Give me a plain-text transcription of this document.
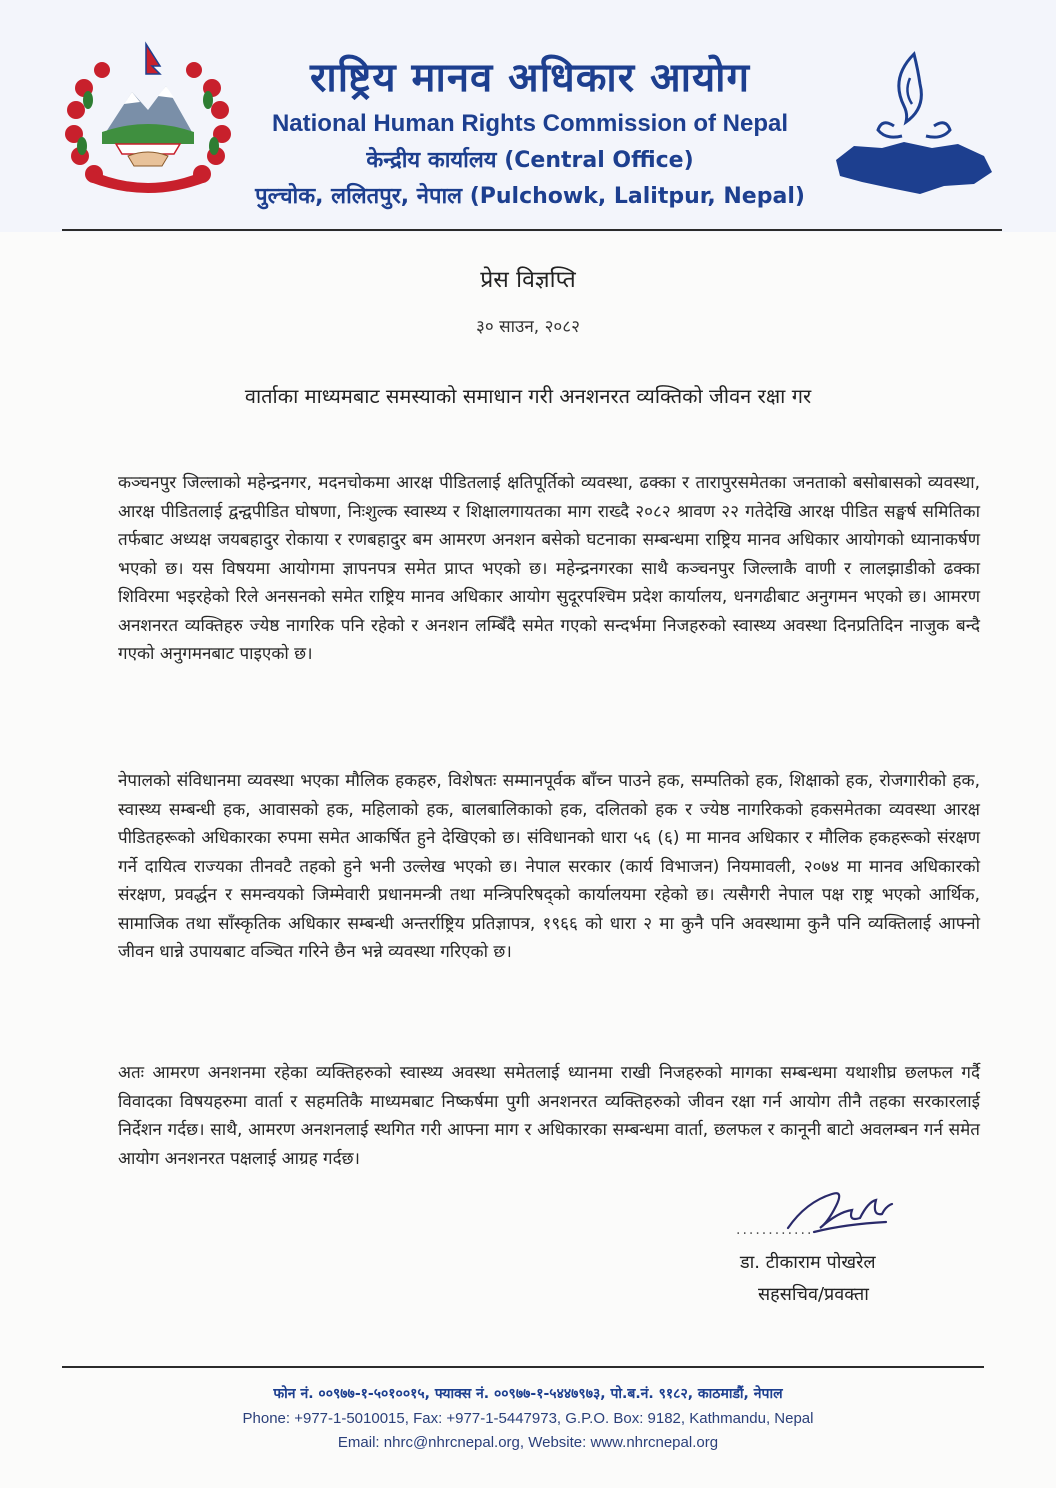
राष्ट्रिय मानव अधिकार आयोग
National Human Rights Commission of Nepal
केन्द्रीय कार्यालय (Central Office)
पुल्चोक, ललितपुर, नेपाल (Pulchowk, Lalitpur, Nepal)
प्रेस विज्ञप्ति
३० साउन, २०८२
वार्ताका माध्यमबाट समस्याको समाधान गरी अनशनरत व्यक्तिको जीवन रक्षा गर

कञ्चनपुर जिल्लाको महेन्द्रनगर, मदनचोकमा आरक्ष पीडितलाई क्षतिपूर्तिको व्यवस्था, ढक्का र तारापुरसमेतका जनताको बसोबासको व्यवस्था, आरक्ष पीडितलाई द्वन्द्वपीडित घोषणा, निःशुल्क स्वास्थ्य र शिक्षालगायतका माग राख्दै २०८२ श्रावण २२ गतेदेखि आरक्ष पीडित सङ्घर्ष समितिका तर्फबाट अध्यक्ष जयबहादुर रोकाया र रणबहादुर बम आमरण अनशन बसेको घटनाका सम्बन्धमा राष्ट्रिय मानव अधिकार आयोगको ध्यानाकर्षण भएको छ। यस विषयमा आयोगमा ज्ञापनपत्र समेत प्राप्त भएको छ। महेन्द्रनगरका साथै कञ्चनपुर जिल्लाकै वाणी र लालझाडीको ढक्का शिविरमा भइरहेको रिले अनसनको समेत राष्ट्रिय मानव अधिकार आयोग सुदूरपश्चिम प्रदेश कार्यालय, धनगढीबाट अनुगमन भएको छ। आमरण अनशनरत व्यक्तिहरु ज्येष्ठ नागरिक पनि रहेको र अनशन लम्बिँदै समेत गएको सन्दर्भमा निजहरुको स्वास्थ्य अवस्था दिनप्रतिदिन नाजुक बन्दै गएको अनुगमनबाट पाइएको छ।

नेपालको संविधानमा व्यवस्था भएका मौलिक हकहरु, विशेषतः सम्मानपूर्वक बाँच्न पाउने हक, सम्पतिको हक, शिक्षाको हक, रोजगारीको हक, स्वास्थ्य सम्बन्धी हक, आवासको हक, महिलाको हक, बालबालिकाको हक, दलितको हक र ज्येष्ठ नागरिकको हकसमेतका व्यवस्था आरक्ष पीडितहरूको अधिकारका रुपमा समेत आकर्षित हुने देखिएको छ। संविधानको धारा ५६ (६) मा मानव अधिकार र मौलिक हकहरूको संरक्षण गर्ने दायित्व राज्यका तीनवटै तहको हुने भनी उल्लेख भएको छ। नेपाल सरकार (कार्य विभाजन) नियमावली, २०७४ मा मानव अधिकारको संरक्षण, प्रवर्द्धन र समन्वयको जिम्मेवारी प्रधानमन्त्री तथा मन्त्रिपरिषद्को कार्यालयमा रहेको छ। त्यसैगरी नेपाल पक्ष राष्ट्र भएको आर्थिक, सामाजिक तथा साँस्कृतिक अधिकार सम्बन्धी अन्तर्राष्ट्रिय प्रतिज्ञापत्र, १९६६ को धारा २ मा कुनै पनि अवस्थामा कुनै पनि व्यक्तिलाई आफ्नो जीवन धान्ने उपायबाट वञ्चित गरिने छैन भन्ने व्यवस्था गरिएको छ।

अतः आमरण अनशनमा रहेका व्यक्तिहरुको स्वास्थ्य अवस्था समेतलाई ध्यानमा राखी निजहरुको मागका सम्बन्धमा यथाशीघ्र छलफल गर्दै विवादका विषयहरुमा वार्ता र सहमतिकै माध्यमबाट निष्कर्षमा पुगी अनशनरत व्यक्तिहरुको जीवन रक्षा गर्न आयोग तीनै तहका सरकारलाई निर्देशन गर्दछ। साथै, आमरण अनशनलाई स्थगित गरी आफ्ना माग र अधिकारका सम्बन्धमा वार्ता, छलफल र कानूनी बाटो अवलम्बन गर्न समेत आयोग अनशनरत पक्षलाई आग्रह गर्दछ।

............
डा. टीकाराम पोखरेल
सहसचिव/प्रवक्ता
फोन नं. ००९७७-१-५०१००१५, फ्याक्स नं. ००९७७-१-५४४७९७३, पो.ब.नं. ९१८२, काठमाडौं, नेपाल
Phone: +977-1-5010015, Fax: +977-1-5447973, G.P.O. Box: 9182, Kathmandu, Nepal
Email: nhrc@nhrcnepal.org, Website: www.nhrcnepal.org
